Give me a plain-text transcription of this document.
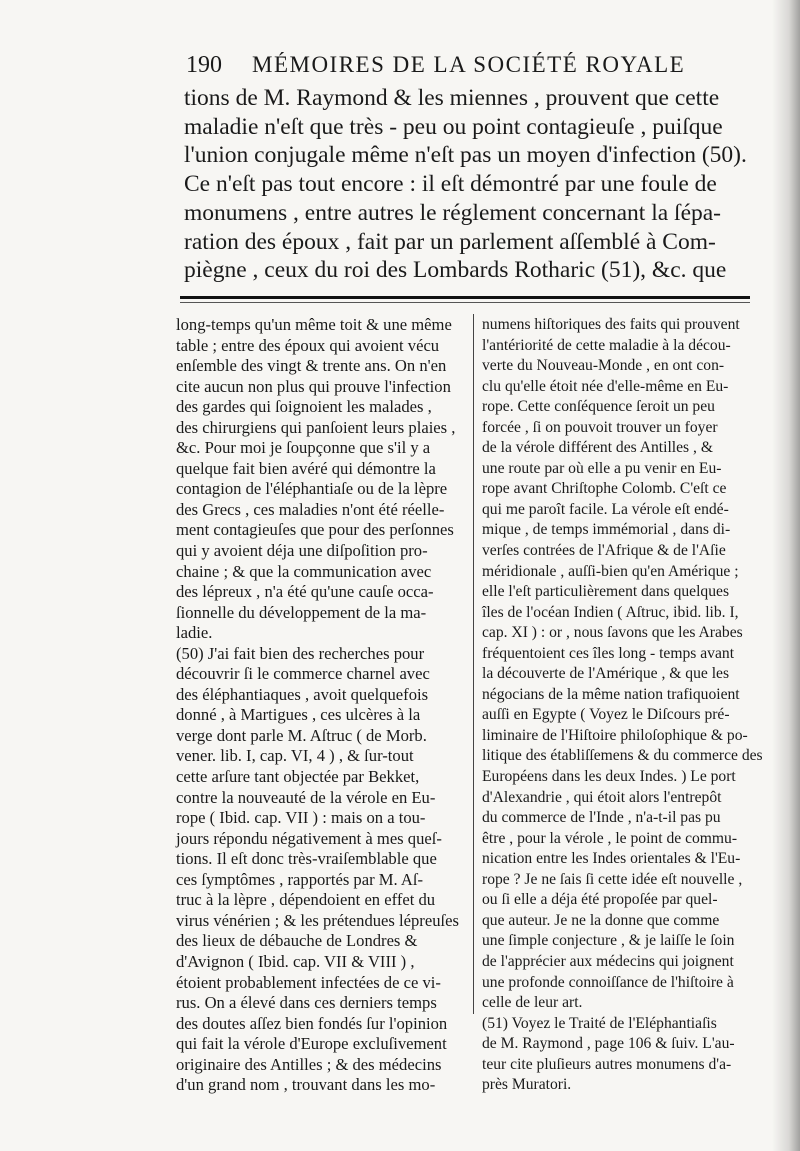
190 MÉMOIRES DE LA SOCIÉTÉ ROYALE
tions de M. Raymond & les miennes , prouvent que cette
maladie n'eſt que très - peu ou point contagieuſe , puiſque
l'union conjugale même n'eſt pas un moyen d'infection (50).
Ce n'eſt pas tout encore : il eſt démontré par une foule de
monumens , entre autres le réglement concernant la ſépa-
ration des époux , fait par un parlement aſſemblé à Com-
piègne , ceux du roi des Lombards Rotharic (51), &c. que
long-temps qu'un même toit & une même
table ; entre des époux qui avoient vécu
enſemble des vingt & trente ans. On n'en
cite aucun non plus qui prouve l'infection
des gardes qui ſoignoient les malades ,
des chirurgiens qui panſoient leurs plaies ,
&c. Pour moi je ſoupçonne que s'il y a
quelque fait bien avéré qui démontre la
contagion de l'éléphantiaſe ou de la lèpre
des Grecs , ces maladies n'ont été réelle-
ment contagieuſes que pour des perſonnes
qui y avoient déja une diſpoſition pro-
chaine ; & que la communication avec
des lépreux , n'a été qu'une cauſe occa-
ſionnelle du développement de la ma-
ladie.
(50) J'ai fait bien des recherches pour
découvrir ſi le commerce charnel avec
des éléphantiaques , avoit quelquefois
donné , à Martigues , ces ulcères à la
verge dont parle M. Aſtruc ( de Morb.
vener. lib. I, cap. VI, 4 ) , & ſur-tout
cette arſure tant objectée par Bekket,
contre la nouveauté de la vérole en Eu-
rope ( Ibid. cap. VII ) : mais on a tou-
jours répondu négativement à mes queſ-
tions. Il eſt donc très-vraiſemblable que
ces ſymptômes , rapportés par M. Aſ-
truc à la lèpre , dépendoient en effet du
virus vénérien ; & les prétendues lépreuſes
des lieux de débauche de Londres &
d'Avignon ( Ibid. cap. VII & VIII ) ,
étoient probablement infectées de ce vi-
rus. On a élevé dans ces derniers temps
des doutes aſſez bien fondés ſur l'opinion
qui fait la vérole d'Europe excluſivement
originaire des Antilles ; & des médecins
d'un grand nom , trouvant dans les mo-
numens hiſtoriques des faits qui prouvent
l'antériorité de cette maladie à la décou-
verte du Nouveau-Monde , en ont con-
clu qu'elle étoit née d'elle-même en Eu-
rope. Cette conſéquence ſeroit un peu
forcée , ſi on pouvoit trouver un foyer
de la vérole différent des Antilles , &
une route par où elle a pu venir en Eu-
rope avant Chriſtophe Colomb. C'eſt ce
qui me paroît facile. La vérole eſt endé-
mique , de temps immémorial , dans di-
verſes contrées de l'Afrique & de l'Aſie
méridionale , auſſi-bien qu'en Amérique ;
elle l'eſt particulièrement dans quelques
îles de l'océan Indien ( Aſtruc, ibid. lib. I,
cap. XI ) : or , nous ſavons que les Arabes
fréquentoient ces îles long - temps avant
la découverte de l'Amérique , & que les
négocians de la même nation trafiquoient
auſſi en Egypte ( Voyez le Diſcours pré-
liminaire de l'Hiſtoire philoſophique & po-
litique des établiſſemens & du commerce des
Européens dans les deux Indes. ) Le port
d'Alexandrie , qui étoit alors l'entrepôt
du commerce de l'Inde , n'a-t-il pas pu
être , pour la vérole , le point de commu-
nication entre les Indes orientales & l'Eu-
rope ? Je ne ſais ſi cette idée eſt nouvelle ,
ou ſi elle a déja été propoſée par quel-
que auteur. Je ne la donne que comme
une ſimple conjecture , & je laiſſe le ſoin
de l'apprécier aux médecins qui joignent
une profonde connoiſſance de l'hiſtoire à
celle de leur art.
(51) Voyez le Traité de l'Eléphantiaſis
de M. Raymond , page 106 & ſuiv. L'au-
teur cite pluſieurs autres monumens d'a-
près Muratori.
